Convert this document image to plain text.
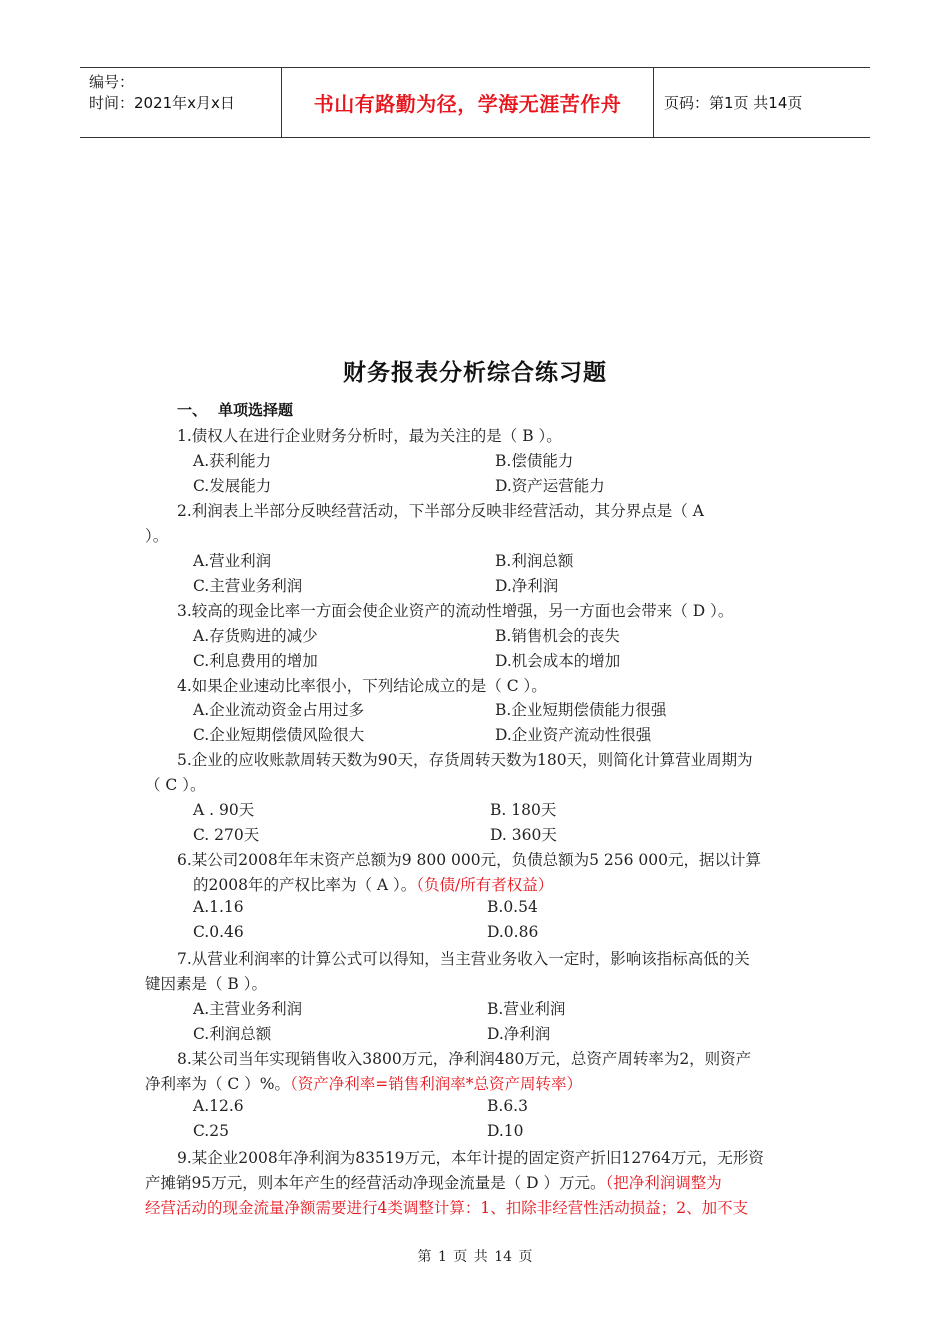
编号：
时间：2021年x月x日	书山有路勤为径，学海无涯苦作舟	页码：第1页 共14页
财务报表分析综合练习题
一、 单项选择题
1.债权人在进行企业财务分析时，最为关注的是（ B ）。
A.获利能力	B.偿债能力
C.发展能力	D.资产运营能力
2.利润表上半部分反映经营活动，下半部分反映非经营活动，其分界点是（ A
）。
A.营业利润	B.利润总额
C.主营业务利润	D.净利润
3.较高的现金比率一方面会使企业资产的流动性增强，另一方面也会带来（ D ）。
A.存货购进的减少	B.销售机会的丧失
C.利息费用的增加	D.机会成本的增加
4.如果企业速动比率很小，下列结论成立的是（ C ）。
A.企业流动资金占用过多	B.企业短期偿债能力很强
C.企业短期偿债风险很大	D.企业资产流动性很强
5.企业的应收账款周转天数为90天，存货周转天数为180天，则简化计算营业周期为
（ C ）。
A . 90天	B. 180天
C. 270天	D. 360天
6.某公司2008年年末资产总额为9 800 000元，负债总额为5 256 000元，据以计算
的2008年的产权比率为（ A ）。（负债/所有者权益）
A.1.16	B.0.54
C.0.46	D.0.86
7.从营业利润率的计算公式可以得知，当主营业务收入一定时，影响该指标高低的关
键因素是（ B ）。
A.主营业务利润	B.营业利润
C.利润总额	D.净利润
8.某公司当年实现销售收入3800万元，净利润480万元，总资产周转率为2，则资产
净利率为（ C ）%。（资产净利率=销售利润率*总资产周转率）
A.12.6	B.6.3
C.25	D.10
9.某企业2008年净利润为83519万元，本年计提的固定资产折旧12764万元，无形资
产摊销95万元，则本年产生的经营活动净现金流量是（ D ）万元。（把净利润调整为
经营活动的现金流量净额需要进行4类调整计算：1、扣除非经营性活动损益；2、加不支
第 1 页 共 14 页
